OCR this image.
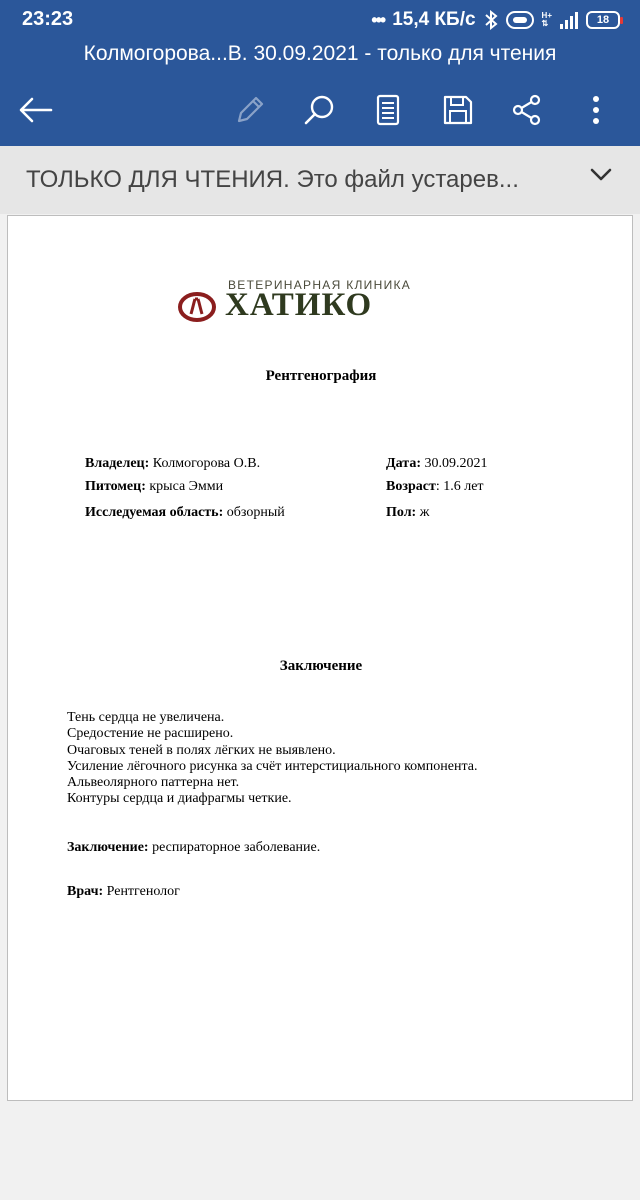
23:23	••• 15,4 КБ/с	H+
⇅	18
Колмогорова...В. 30.09.2021 - только для чтения
ТОЛЬКО ДЛЯ ЧТЕНИЯ. Это файл устарев...
ВЕТЕРИНАРНАЯ КЛИНИКА
ХАТИКО
Рентгенография
Владелец: Колмогорова О.В.	Дата: 30.09.2021
Питомец: крыса Эмми	Возраст: 1.6 лет
Исследуемая область: обзорный	Пол: ж
Заключение
Тень сердца не увеличена.
Средостение не расширено.
Очаговых теней в полях лёгких не выявлено.
Усиление лёгочного рисунка за счёт интерстициального компонента.
Альвеолярного паттерна нет.
Контуры сердца и диафрагмы четкие.
Заключение: респираторное заболевание.
Врач: Рентгенолог
